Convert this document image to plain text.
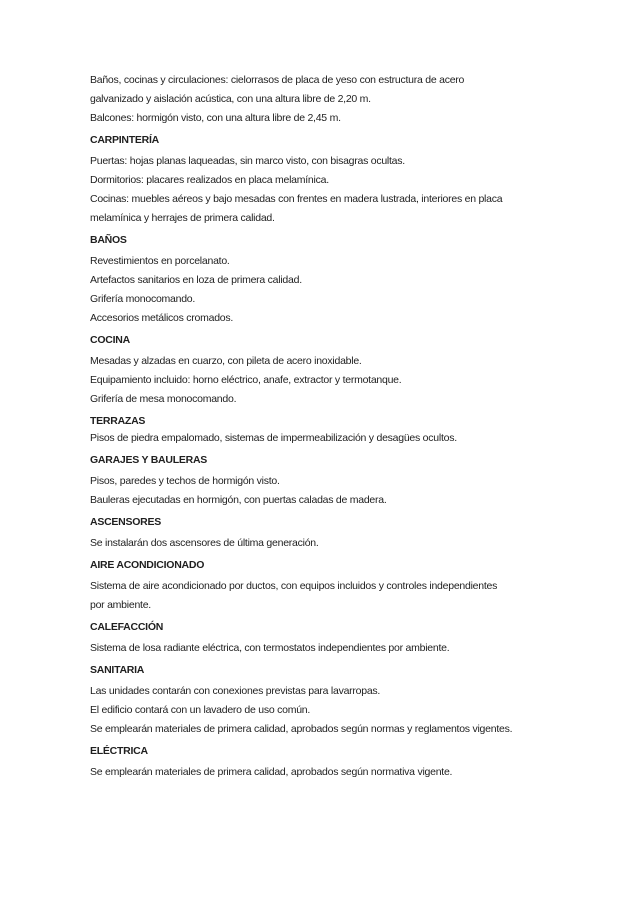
Baños, cocinas y circulaciones: cielorrasos de placa de yeso con estructura de acero
galvanizado y aislación acústica, con una altura libre de 2,20 m.
Balcones: hormigón visto, con una altura libre de 2,45 m.
CARPINTERÍA
Puertas: hojas planas laqueadas, sin marco visto, con bisagras ocultas.
Dormitorios: placares realizados en placa melamínica.
Cocinas: muebles aéreos y bajo mesadas con frentes en madera lustrada, interiores en placa
melamínica y herrajes de primera calidad.
BAÑOS
Revestimientos en porcelanato.
Artefactos sanitarios en loza de primera calidad.
Grifería monocomando.
Accesorios metálicos cromados.
COCINA
Mesadas y alzadas en cuarzo, con pileta de acero inoxidable.
Equipamiento incluido: horno eléctrico, anafe, extractor y termotanque.
Grifería de mesa monocomando.
TERRAZAS
Pisos de piedra empalomado, sistemas de impermeabilización y desagües ocultos.
GARAJES Y BAULERAS
Pisos, paredes y techos de hormigón visto.
Bauleras ejecutadas en hormigón, con puertas caladas de madera.
ASCENSORES
Se instalarán dos ascensores de última generación.
AIRE ACONDICIONADO
Sistema de aire acondicionado por ductos, con equipos incluidos y controles independientes
por ambiente.
CALEFACCIÓN
Sistema de losa radiante eléctrica, con termostatos independientes por ambiente.
SANITARIA
Las unidades contarán con conexiones previstas para lavarropas.
El edificio contará con un lavadero de uso común.
Se emplearán materiales de primera calidad, aprobados según normas y reglamentos vigentes.
ELÉCTRICA
Se emplearán materiales de primera calidad, aprobados según normativa vigente.
